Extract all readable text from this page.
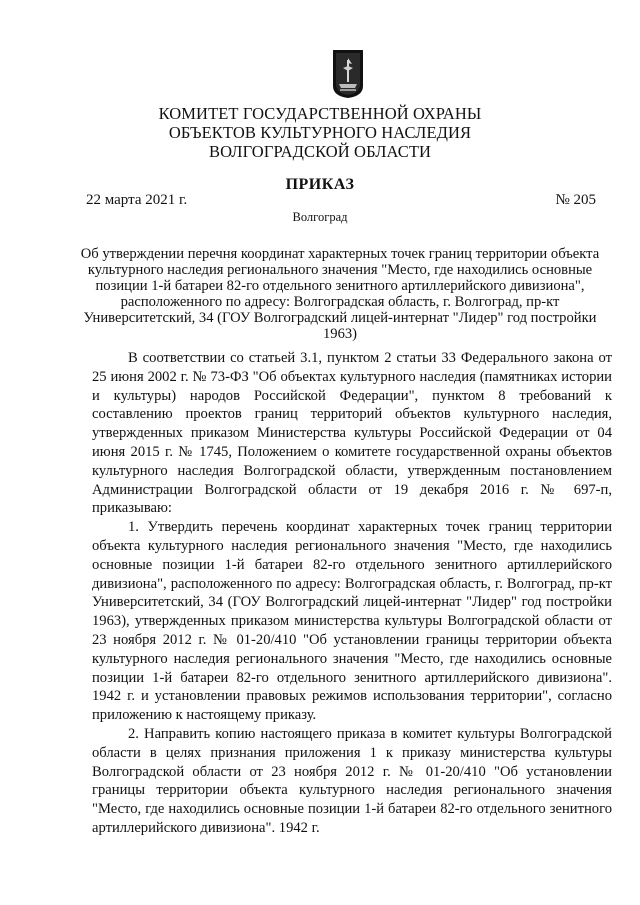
КОМИТЕТ ГОСУДАРСТВЕННОЙ ОХРАНЫ
ОБЪЕКТОВ КУЛЬТУРНОГО НАСЛЕДИЯ
ВОЛГОГРАДСКОЙ ОБЛАСТИ
ПРИКАЗ
22 марта 2021 г.	№ 205
Волгоград
Об утверждении перечня координат характерных точек границ территории объекта культурного наследия регионального значения "Место, где находились основные позиции 1-й батареи 82-го отдельного зенитного артиллерийского дивизиона", расположенного по адресу: Волгоградская область, г. Волгоград, пр-кт Университетский, 34 (ГОУ Волгоградский лицей-интернат "Лидер" год постройки 1963)

В соответствии со статьей 3.1, пунктом 2 статьи 33 Федерального закона от 25 июня 2002 г. № 73-ФЗ "Об объектах культурного наследия (памятниках истории и культуры) народов Российской Федерации", пунктом 8 требований к составлению проектов границ территорий объектов культурного наследия, утвержденных приказом Министерства культуры Российской Федерации от 04 июня 2015 г. № 1745, Положением о комитете государственной охраны объектов культурного наследия Волгоградской области, утвержденным постановлением Администрации Волгоградской области от 19 декабря 2016 г. № 697-п, приказываю:

1. Утвердить перечень координат характерных точек границ территории объекта культурного наследия регионального значения "Место, где находились основные позиции 1-й батареи 82-го отдельного зенитного артиллерийского дивизиона", расположенного по адресу: Волгоградская область, г. Волгоград, пр-кт Университетский, 34 (ГОУ Волгоградский лицей-интернат "Лидер" год постройки 1963), утвержденных приказом министерства культуры Волгоградской области от 23 ноября 2012 г. № 01-20/410 "Об установлении границы территории объекта культурного наследия регионального значения "Место, где находились основные позиции 1-й батареи 82-го отдельного зенитного артиллерийского дивизиона". 1942 г. и установлении правовых режимов использования территории", согласно приложению к настоящему приказу.

2. Направить копию настоящего приказа в комитет культуры Волгоградской области в целях признания приложения 1 к приказу министерства культуры Волгоградской области от 23 ноября 2012 г. № 01-20/410 "Об установлении границы территории объекта культурного наследия регионального значения "Место, где находились основные позиции 1-й батареи 82-го отдельного зенитного артиллерийского дивизиона". 1942 г.
